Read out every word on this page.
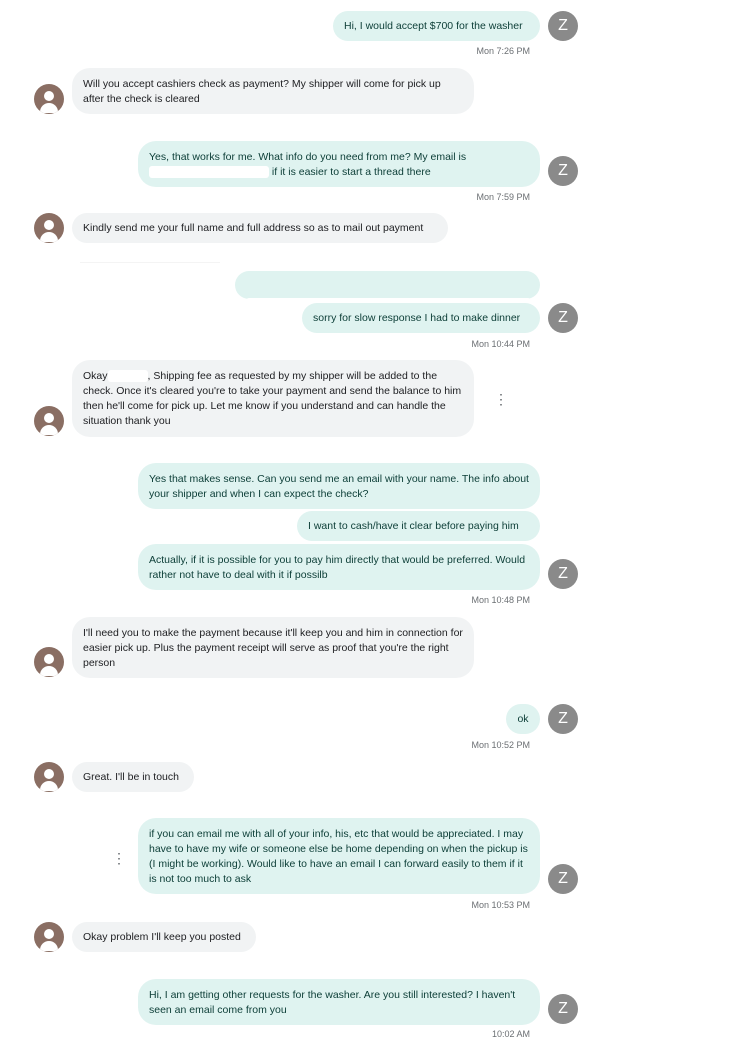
Hi, I would accept $700 for the washer	Z
Mon 7:26 PM
Will you accept cashiers check as payment? My shipper will come for pick up after the check is cleared
Yes, that works for me. What info do you need from me? My email is
if it is easier to start a thread there	Z
Mon 7:59 PM
Kindly send me your full name and full address so as to mail out payment

sorry for slow response I had to make dinner	Z
Mon 10:44 PM
Okay	, Shipping fee as requested by my shipper will be added to the check. Once it's cleared you're to take your payment and send the balance to him then he'll come for pick up. Let me know if you understand and can handle the situation thank you
⋮
Yes that makes sense. Can you send me an email with your name. The info about your shipper and when I can expect the check?
I want to cash/have it clear before paying him
Actually, if it is possible for you to pay him directly that would be preferred. Would rather not have to deal with it if possilb	Z
Mon 10:48 PM
I'll need you to make the payment because it'll keep you and him in connection for easier pick up. Plus the payment receipt will serve as proof that you're the right person
ok	Z
Mon 10:52 PM
Great. I'll be in touch
⋮
if you can email me with all of your info, his, etc that would be appreciated. I may have to have my wife or someone else be home depending on when the pickup is (I might be working). Would like to have an email I can forward easily to them if it is not too much to ask	Z
Mon 10:53 PM
Okay problem I'll keep you posted
Hi, I am getting other requests for the washer. Are you still interested? I haven't seen an email come from you	Z
10:02 AM
